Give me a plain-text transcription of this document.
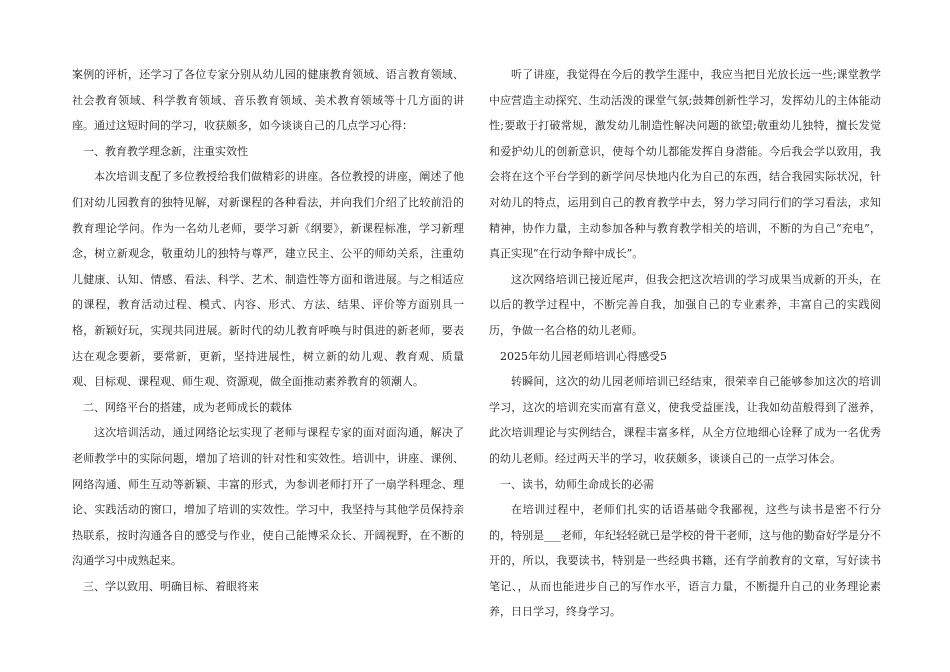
案例的评析，还学习了各位专家分别从幼儿园的健康教育领域、语言教育领域、社会教育领域、科学教育领域、音乐教育领域、美术教育领域等十几方面的讲座。通过这短时间的学习，收获颇多，如今谈谈自己的几点学习心得：

一、教育教学理念新，注重实效性

本次培训支配了多位教授给我们做精彩的讲座。各位教授的讲座，阐述了他们对幼儿园教育的独特见解，对新课程的各种看法，并向我们介绍了比较前沿的教育理论学问。作为一名幼儿老师，要学习新《纲要》，新课程标准，学习新理念，树立新观念，敬重幼儿的独特与尊严，建立民主、公平的师幼关系，注重幼儿健康、认知、情感、看法、科学、艺术、制造性等方面和谐进展。与之相适应的课程，教育活动过程、模式、内容、形式、方法、结果、评价等方面别具一格，新颖好玩，实现共同进展。新时代的幼儿教育呼唤与时俱进的新老师，要表达在观念要新，要常新，更新，坚持进展性，树立新的幼儿观、教育观、质量观、目标观、课程观、师生观、资源观，做全面推动素养教育的领潮人。

二、网络平台的搭建，成为老师成长的载体

这次培训活动，通过网络论坛实现了老师与课程专家的面对面沟通，解决了老师教学中的实际问题，增加了培训的针对性和实效性。培训中，讲座、课例、网络沟通、师生互动等新颖、丰富的形式，为参训老师打开了一扇学科理念、理论、实践活动的窗口，增加了培训的实效性。学习中，我坚持与其他学员保持亲热联系，按时沟通各自的感受与作业，使自己能博采众长、开阔视野，在不断的沟通学习中成熟起来。

三、学以致用、明确目标、着眼将来

听了讲座，我觉得在今后的教学生涯中，我应当把目光放长远一些;课堂教学中应营造主动探究、生动活泼的课堂气氛;鼓舞创新性学习，发挥幼儿的主体能动性;要敢于打破常规，激发幼儿制造性解决问题的欲望;敬重幼儿独特，擅长发觉和爱护幼儿的创新意识，使每个幼儿都能发挥自身潜能。今后我会学以致用，我会将在这个平台学到的新学问尽快地内化为自己的东西，结合我园实际状况，针对幼儿的特点，运用到自己的教育教学中去，努力学习同行们的学习看法，求知精神，协作力量，主动参加各种与教育教学相关的培训，不断的为自己“充电”，真正实现“在行动争辩中成长”。

这次网络培训已接近尾声，但我会把这次培训的学习成果当成新的开头，在以后的教学过程中，不断完善自我，加强自己的专业素养，丰富自己的实践阅历，争做一名合格的幼儿老师。

2025年幼儿园老师培训心得感受5

转瞬间，这次的幼儿园老师培训已经结束，很荣幸自己能够参加这次的培训学习，这次的培训充实而富有意义，使我受益匪浅，让我如幼苗般得到了滋养，此次培训理论与实例结合，课程丰富多样，从全方位地细心诠释了成为一名优秀的幼儿老师。经过两天半的学习，收获颇多，谈谈自己的一点学习体会。

一、读书，幼师生命成长的必需

在培训过程中，老师们扎实的话语基础令我鄙视，这些与读书是密不行分的，特别是___老师，年纪轻轻就已是学校的骨干老师，这与他的勤奋好学是分不开的，所以，我要读书，特别是一些经典书籍，还有学前教育的文章，写好读书笔记、，从而也能进步自己的写作水平，语言力量，不断提升自己的业务理论素养，日日学习，终身学习。
